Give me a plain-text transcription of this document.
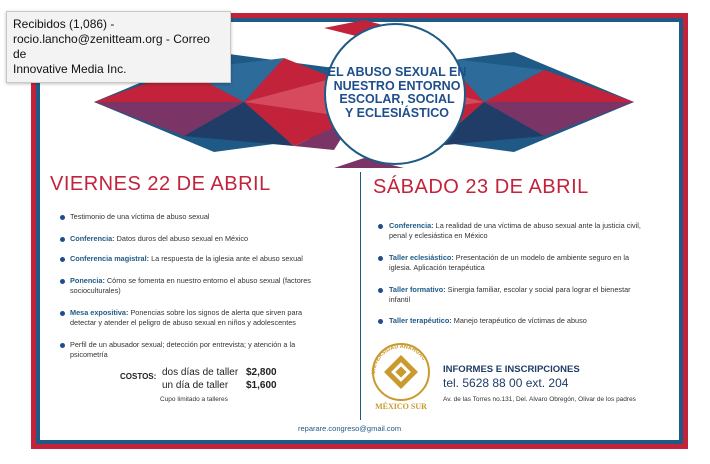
EL ABUSO SEXUAL EN
NUESTRO ENTORNO
ESCOLAR, SOCIAL
Y ECLESIÁSTICO
VIERNES 22 DE ABRIL
Testimonio de una víctima de abuso sexual
Conferencia: Datos duros del abuso sexual en México
Conferencia magistral: La respuesta de la iglesia ante el abuso sexual
Ponencia: Cómo se fomenta en nuestro entorno el abuso sexual (factores
socioculturales)
Mesa expositiva: Ponencias sobre los signos de alerta que sirven para
detectar y atender el peligro de abuso sexual en niños y adolescentes
Perfil de un abusador sexual; detección por entrevista; y atención a la
psicometría
COSTOS: dos días de taller $2,800
un día de taller $1,600
Cupo limitado a talleres
SÁBADO 23 DE ABRIL
Conferencia: La realidad de una víctima de abuso sexual ante la justicia civil,
penal y eclesiástica en México
Taller eclesiástico: Presentación de un modelo de ambiente seguro en la
iglesia. Aplicación terapéutica
Taller formativo: Sinergia familiar, escolar y social para lograr el bienestar
infantil
Taller terapéutico: Manejo terapéutico de víctimas de abuso
UNIVERSIDAD ANÁHUAC
MÉXICO SUR
INFORMES E INSCRIPCIONES
tel. 5628 88 00 ext. 204
Av. de las Torres no.131, Del. Alvaro Obregón, Olivar de los padres
reparare.congreso@gmail.com
Recibidos (1,086) -
rocio.lancho@zenitteam.org - Correo de
Innovative Media Inc.
